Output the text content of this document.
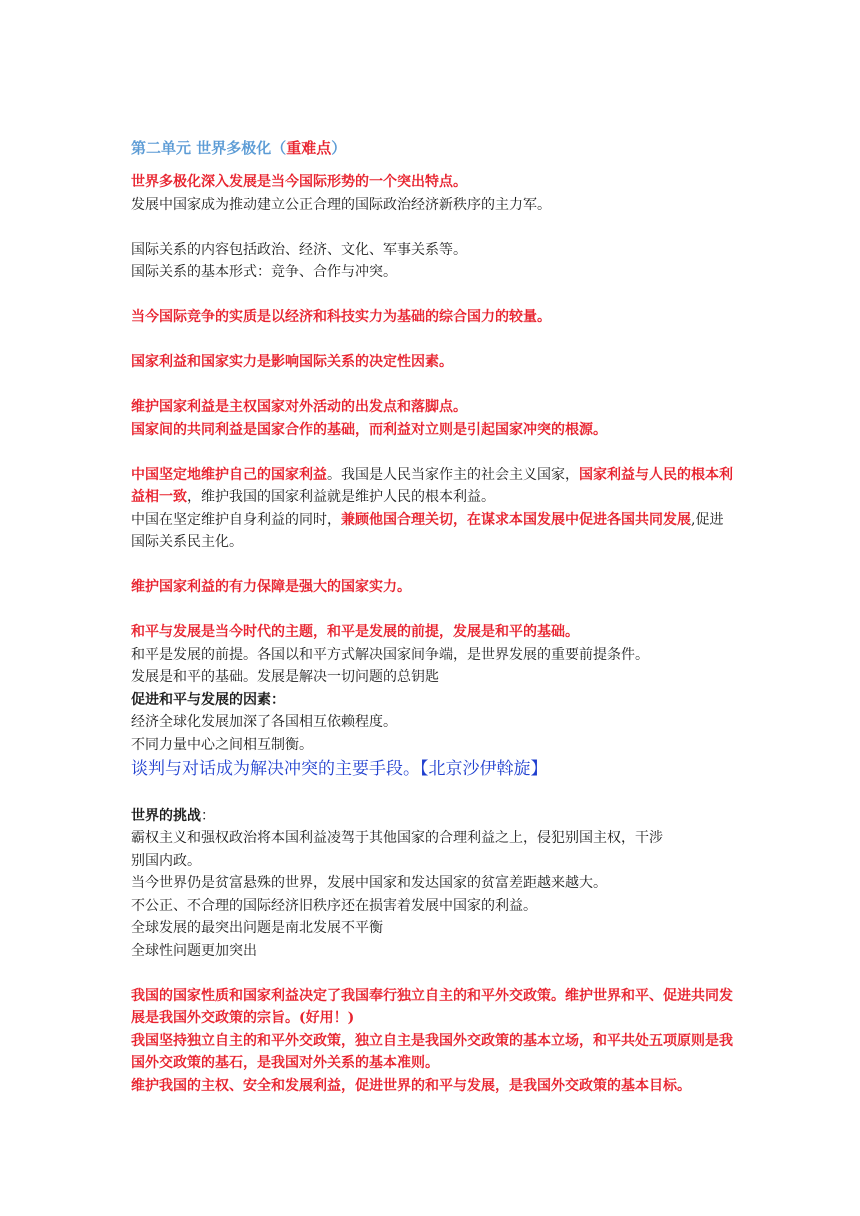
第二单元 世界多极化（重难点）
世界多极化深入发展是当今国际形势的一个突出特点。
发展中国家成为推动建立公正合理的国际政治经济新秩序的主力军。
国际关系的内容包括政治、经济、文化、军事关系等。
国际关系的基本形式：竞争、合作与冲突。
当今国际竞争的实质是以经济和科技实力为基础的综合国力的较量。
国家利益和国家实力是影响国际关系的决定性因素。
维护国家利益是主权国家对外活动的出发点和落脚点。
国家间的共同利益是国家合作的基础，而利益对立则是引起国家冲突的根源。
中国坚定地维护自己的国家利益。我国是人民当家作主的社会主义国家，国家利益与人民的根本利益相一致，维护我国的国家利益就是维护人民的根本利益。
中国在坚定维护自身利益的同时，兼顾他国合理关切，在谋求本国发展中促进各国共同发展,促进国际关系民主化。
维护国家利益的有力保障是强大的国家实力。
和平与发展是当今时代的主题，和平是发展的前提，发展是和平的基础。
和平是发展的前提。各国以和平方式解决国家间争端，是世界发展的重要前提条件。
发展是和平的基础。发展是解决一切问题的总钥匙
促进和平与发展的因素：
经济全球化发展加深了各国相互依赖程度。
不同力量中心之间相互制衡。
谈判与对话成为解决冲突的主要手段。【北京沙伊斡旋】
世界的挑战：
霸权主义和强权政治将本国利益凌驾于其他国家的合理利益之上，侵犯别国主权，干涉
别国内政。
当今世界仍是贫富悬殊的世界，发展中国家和发达国家的贫富差距越来越大。
不公正、不合理的国际经济旧秩序还在损害着发展中国家的利益。
全球发展的最突出问题是南北发展不平衡
全球性问题更加突出
我国的国家性质和国家利益决定了我国奉行独立自主的和平外交政策。维护世界和平、促进共同发展是我国外交政策的宗旨。(好用！)
我国坚持独立自主的和平外交政策，独立自主是我国外交政策的基本立场，和平共处五项原则是我国外交政策的基石，是我国对外关系的基本准则。
维护我国的主权、安全和发展利益，促进世界的和平与发展，是我国外交政策的基本目标。
